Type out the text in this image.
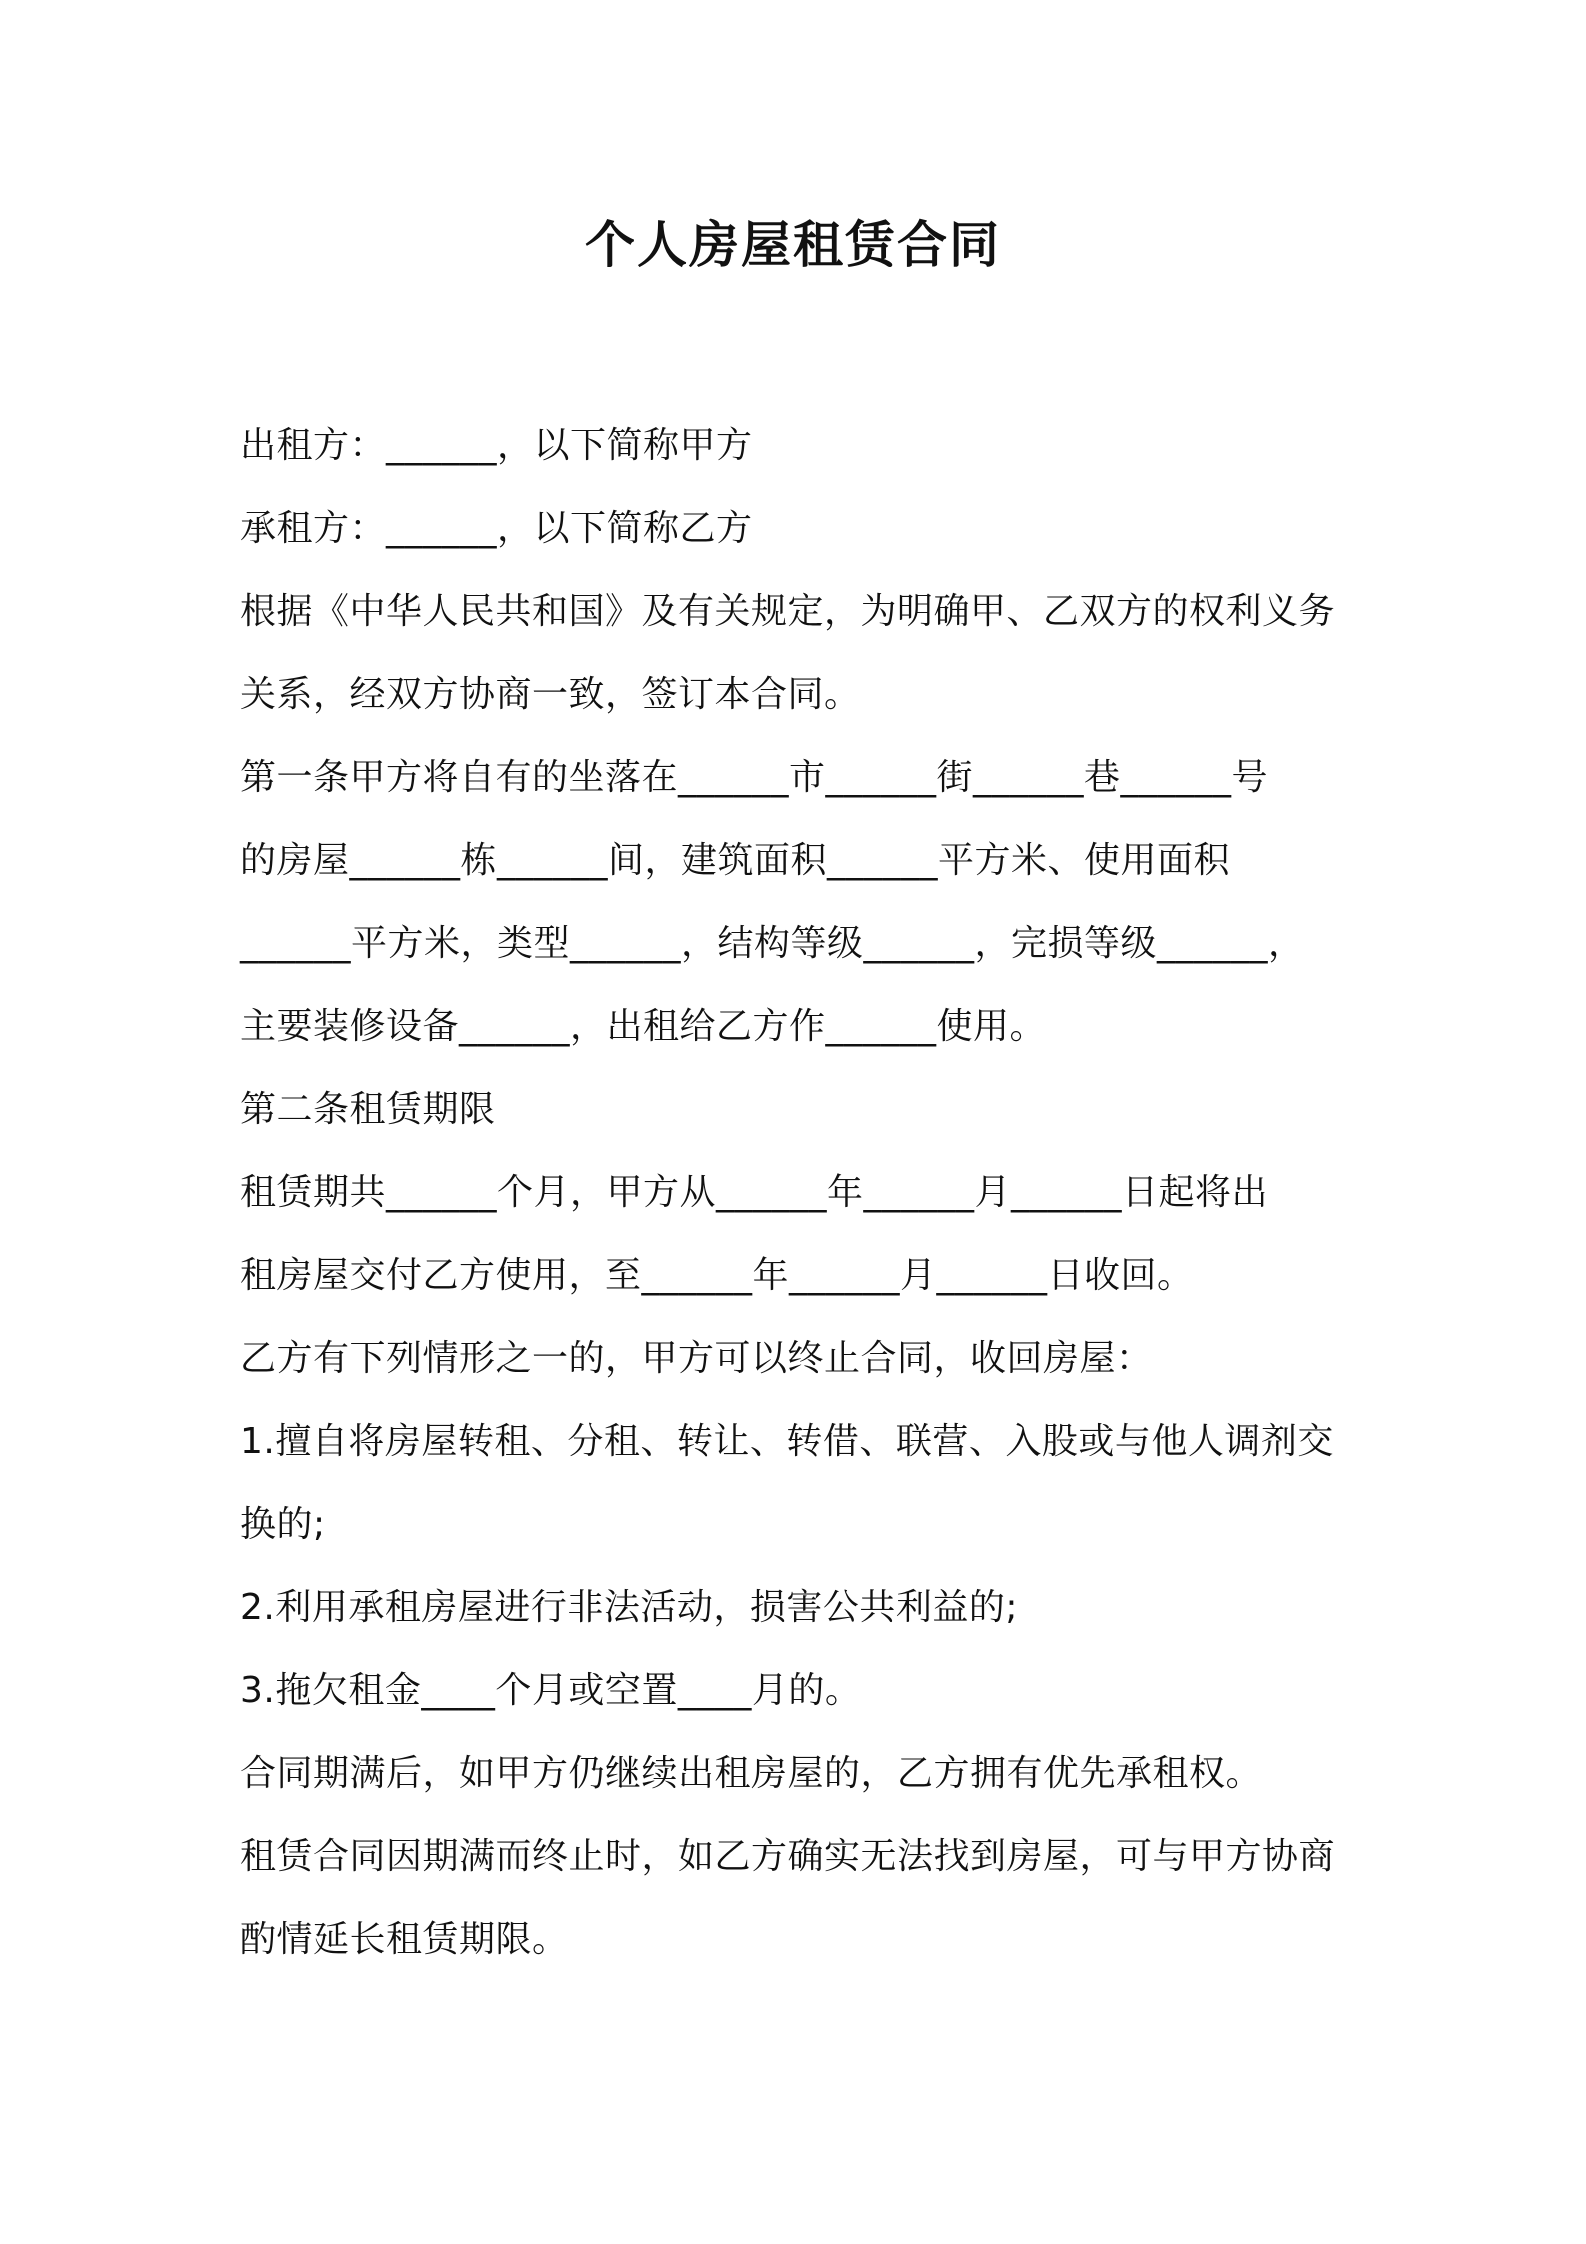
个人房屋租赁合同
出租方：______，以下简称甲方
承租方：______，以下简称乙方
根据《中华人民共和国》及有关规定，为明确甲、乙双方的权利义务
关系，经双方协商一致，签订本合同。
第一条甲方将自有的坐落在______市______街______巷______号
的房屋______栋______间，建筑面积______平方米、使用面积
______平方米，类型______，结构等级______，完损等级______，
主要装修设备______，出租给乙方作______使用。
第二条租赁期限
租赁期共______个月，甲方从______年______月______日起将出
租房屋交付乙方使用，至______年______月______日收回。
乙方有下列情形之一的，甲方可以终止合同，收回房屋：
1.擅自将房屋转租、分租、转让、转借、联营、入股或与他人调剂交
换的;
2.利用承租房屋进行非法活动，损害公共利益的;
3.拖欠租金____个月或空置____月的。
合同期满后，如甲方仍继续出租房屋的，乙方拥有优先承租权。
租赁合同因期满而终止时，如乙方确实无法找到房屋，可与甲方协商
酌情延长租赁期限。
